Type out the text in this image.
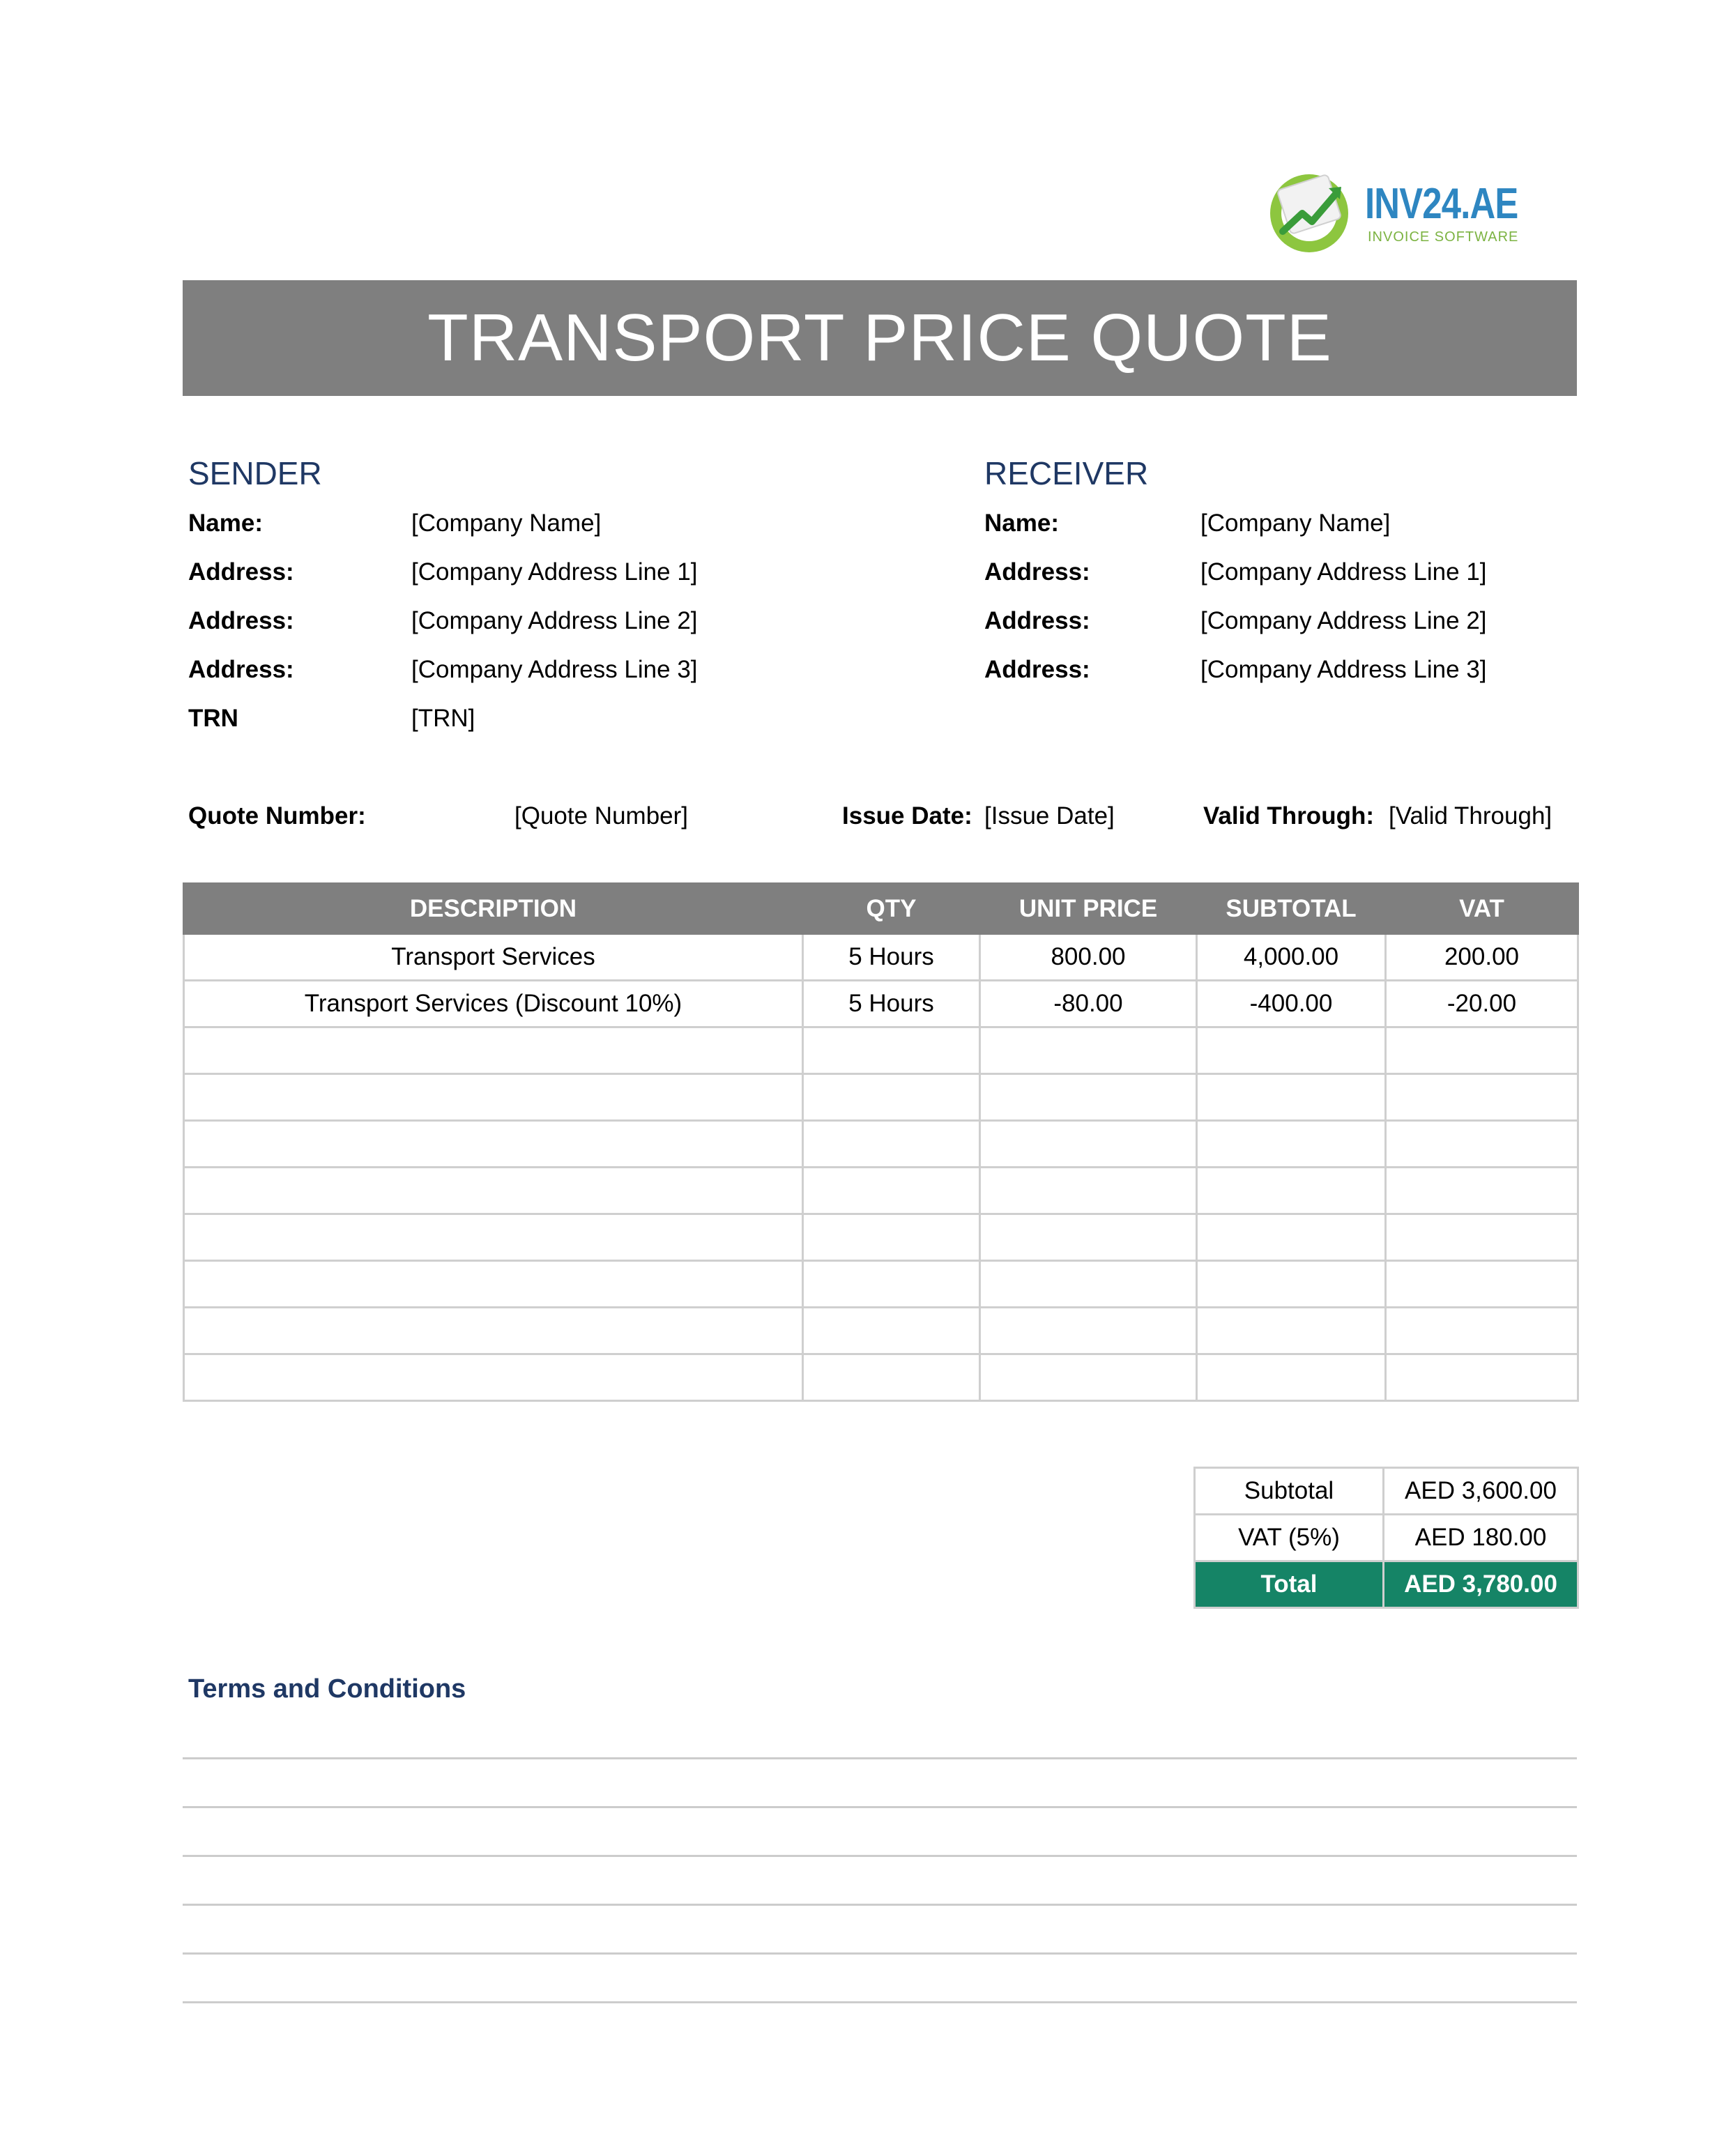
INV24.AE
INVOICE SOFTWARE
TRANSPORT PRICE QUOTE
SENDER
Name:	[Company Name]
Address:	[Company Address Line 1]
Address:	[Company Address Line 2]
Address:	[Company Address Line 3]
TRN	[TRN]
RECEIVER
Name:	[Company Name]
Address:	[Company Address Line 1]
Address:	[Company Address Line 2]
Address:	[Company Address Line 3]
Quote Number:	[Quote Number]	Issue Date: [Issue Date]	Valid Through: [Valid Through]
DESCRIPTION	QTY	UNIT PRICE	SUBTOTAL	VAT
Transport Services	5 Hours	800.00	4,000.00	200.00
Transport Services (Discount 10%)	5 Hours	-80.00	-400.00	-20.00

Subtotal	AED 3,600.00
VAT (5%)	AED 180.00
Total	AED 3,780.00
Terms and Conditions
